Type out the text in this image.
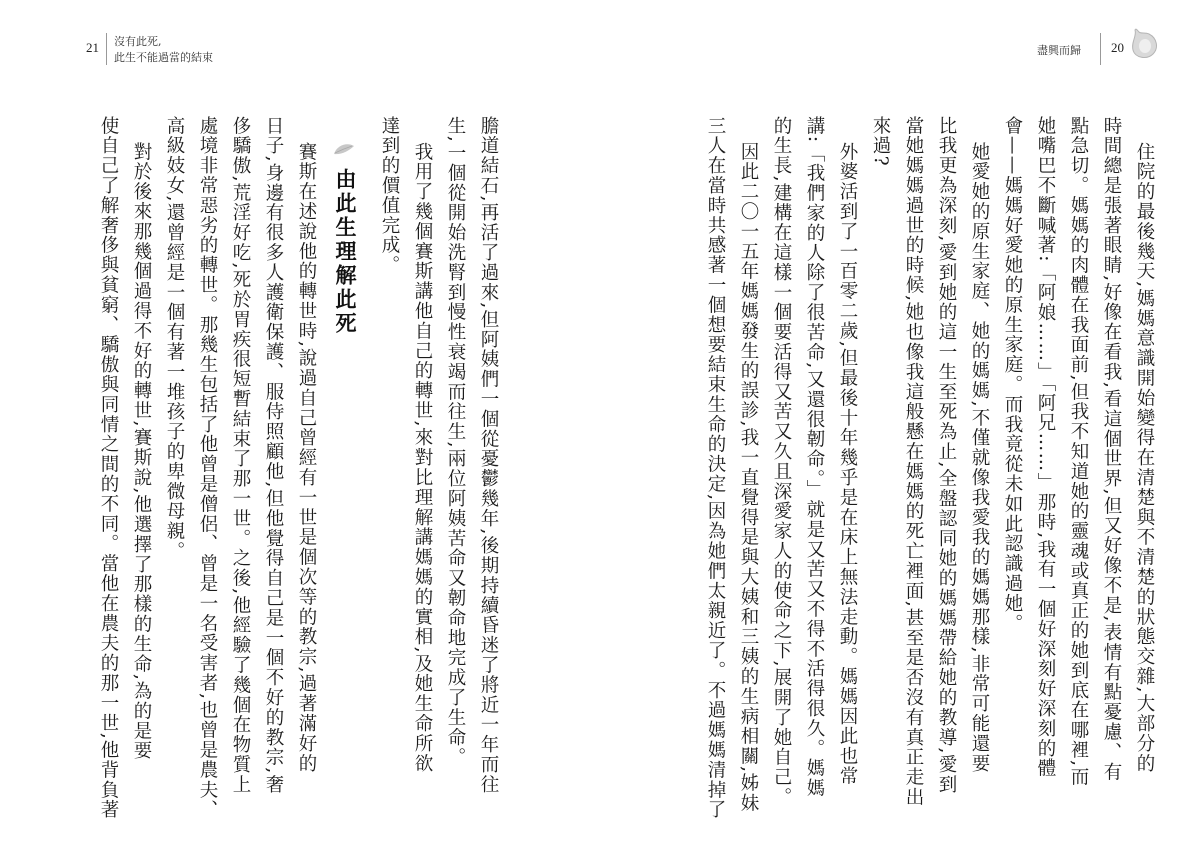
21 沒有此死,
此生不能過當的結束
使自己了解奢侈與貧窮、驕傲與同情之間的不同。當他在農夫的那一世,他背負著 對於後來那幾個過得不好的轉世,賽斯說,他選擇了那樣的生命,為的是要 高級妓女,還曾經是一個有著一堆孩子的卑微母親。 處境非常惡劣的轉世。那幾生包括了他曾是僧侶、曾是一名受害者,也曾是農夫、 侈驕傲,荒淫好吃,死於胃疾很短暫結束了那一世。之後,他經驗了幾個在物質上 日子,身邊有很多人護衛保護、服侍照顧他,但他覺得自己是一個不好的教宗,奢 賽斯在述說他的轉世時,說過自己曾經有一世是個次等的教宗,過著滿好的 由此生理解此死 達到的價值完成。 我用了幾個賽斯講他自己的轉世,來對比理解講媽媽的實相,及她生命所欲 生,一個從開始洗腎到慢性衰竭而往生,兩位阿姨苦命又韌命地完成了生命。 膽道結石,再活了過來,但阿姨們一個從憂鬱幾年,後期持續昏迷了將近一年而往
盡興而歸 20
三人在當時共感著一個想要結束生命的決定,因為她們太親近了。不過媽媽清掉了 因此二〇一五年媽媽發生的誤診,我一直覺得是與大姨和三姨的生病相關,姊妹 的生長,建構在這樣一個要活得又苦又久且深愛家人的使命之下,展開了她自己。 講:「我們家的人除了很苦命,又還很韌命。」就是又苦又不得不活得很久。媽媽 外婆活到了一百零二歲,但最後十年幾乎是在床上無法走動。媽媽因此也常
來過? 當她媽媽過世的時候,她也像我這般懸在媽媽的死亡裡面,甚至是否沒有真正走出 比我更為深刻,愛到她的這一生至死為止,全盤認同她的媽媽帶給她的教導,愛到 她愛她的原生家庭、她的媽媽,不僅就像我愛我的媽媽那樣,非常可能還要 會——媽媽好愛她的原生家庭。而我竟從未如此認識過她。 她嘴巴不斷喊著:「阿娘……」「阿兄……」那時,我有一個好深刻好深刻的體 點急切。媽媽的肉體在我面前,但我不知道她的靈魂或真正的她到底在哪裡,而 時間總是張著眼睛,好像在看我,看這個世界,但又好像不是,表情有點憂慮、有 住院的最後幾天,媽媽意識開始變得在清楚與不清楚的狀態交雜,大部分的
